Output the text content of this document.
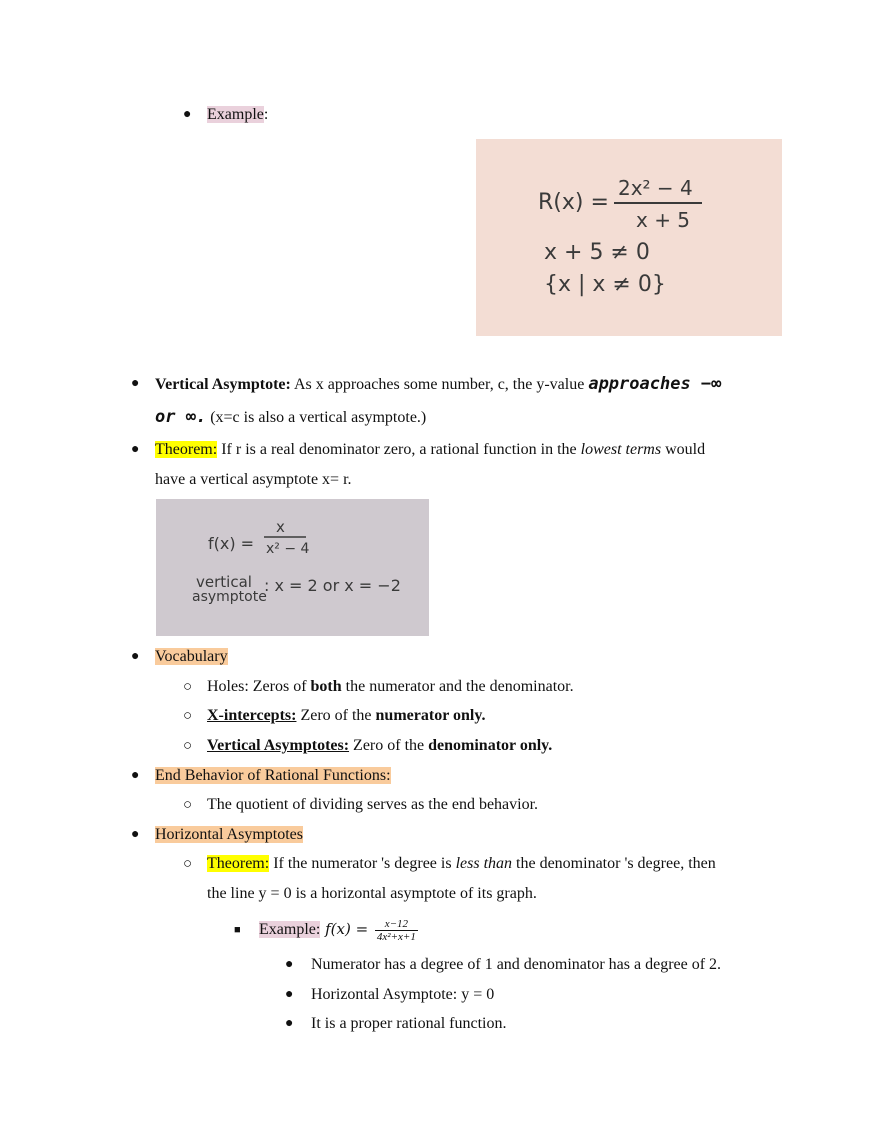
● Example:
R(x) =
2x² − 4
x + 5
x + 5 ≠ 0
{x | x ≠ 0}
● Vertical Asymptote: As x approaches some number, c, the y-value approaches −∞
or ∞. (x=c is also a vertical asymptote.)
● Theorem: If r is a real denominator zero, a rational function in the lowest terms would
have a vertical asymptote x= r.
f(x) =
x
x² − 4
vertical
asymptote
: x = 2 or x = −2
● Vocabulary
○ Holes: Zeros of both the numerator and the denominator.
○ X-intercepts: Zero of the numerator only.
○ Vertical Asymptotes: Zero of the denominator only.
● End Behavior of Rational Functions:
○ The quotient of dividing serves as the end behavior.
● Horizontal Asymptotes
○ Theorem: If the numerator 's degree is less than the denominator 's degree, then
the line y = 0 is a horizontal asymptote of its graph.
■ Example: $f(x) = \frac{x-12}{\text{4x²+x+1}}$
● Numerator has a degree of 1 and denominator has a degree of 2.
● Horizontal Asymptote: y = 0
● It is a proper rational function.
